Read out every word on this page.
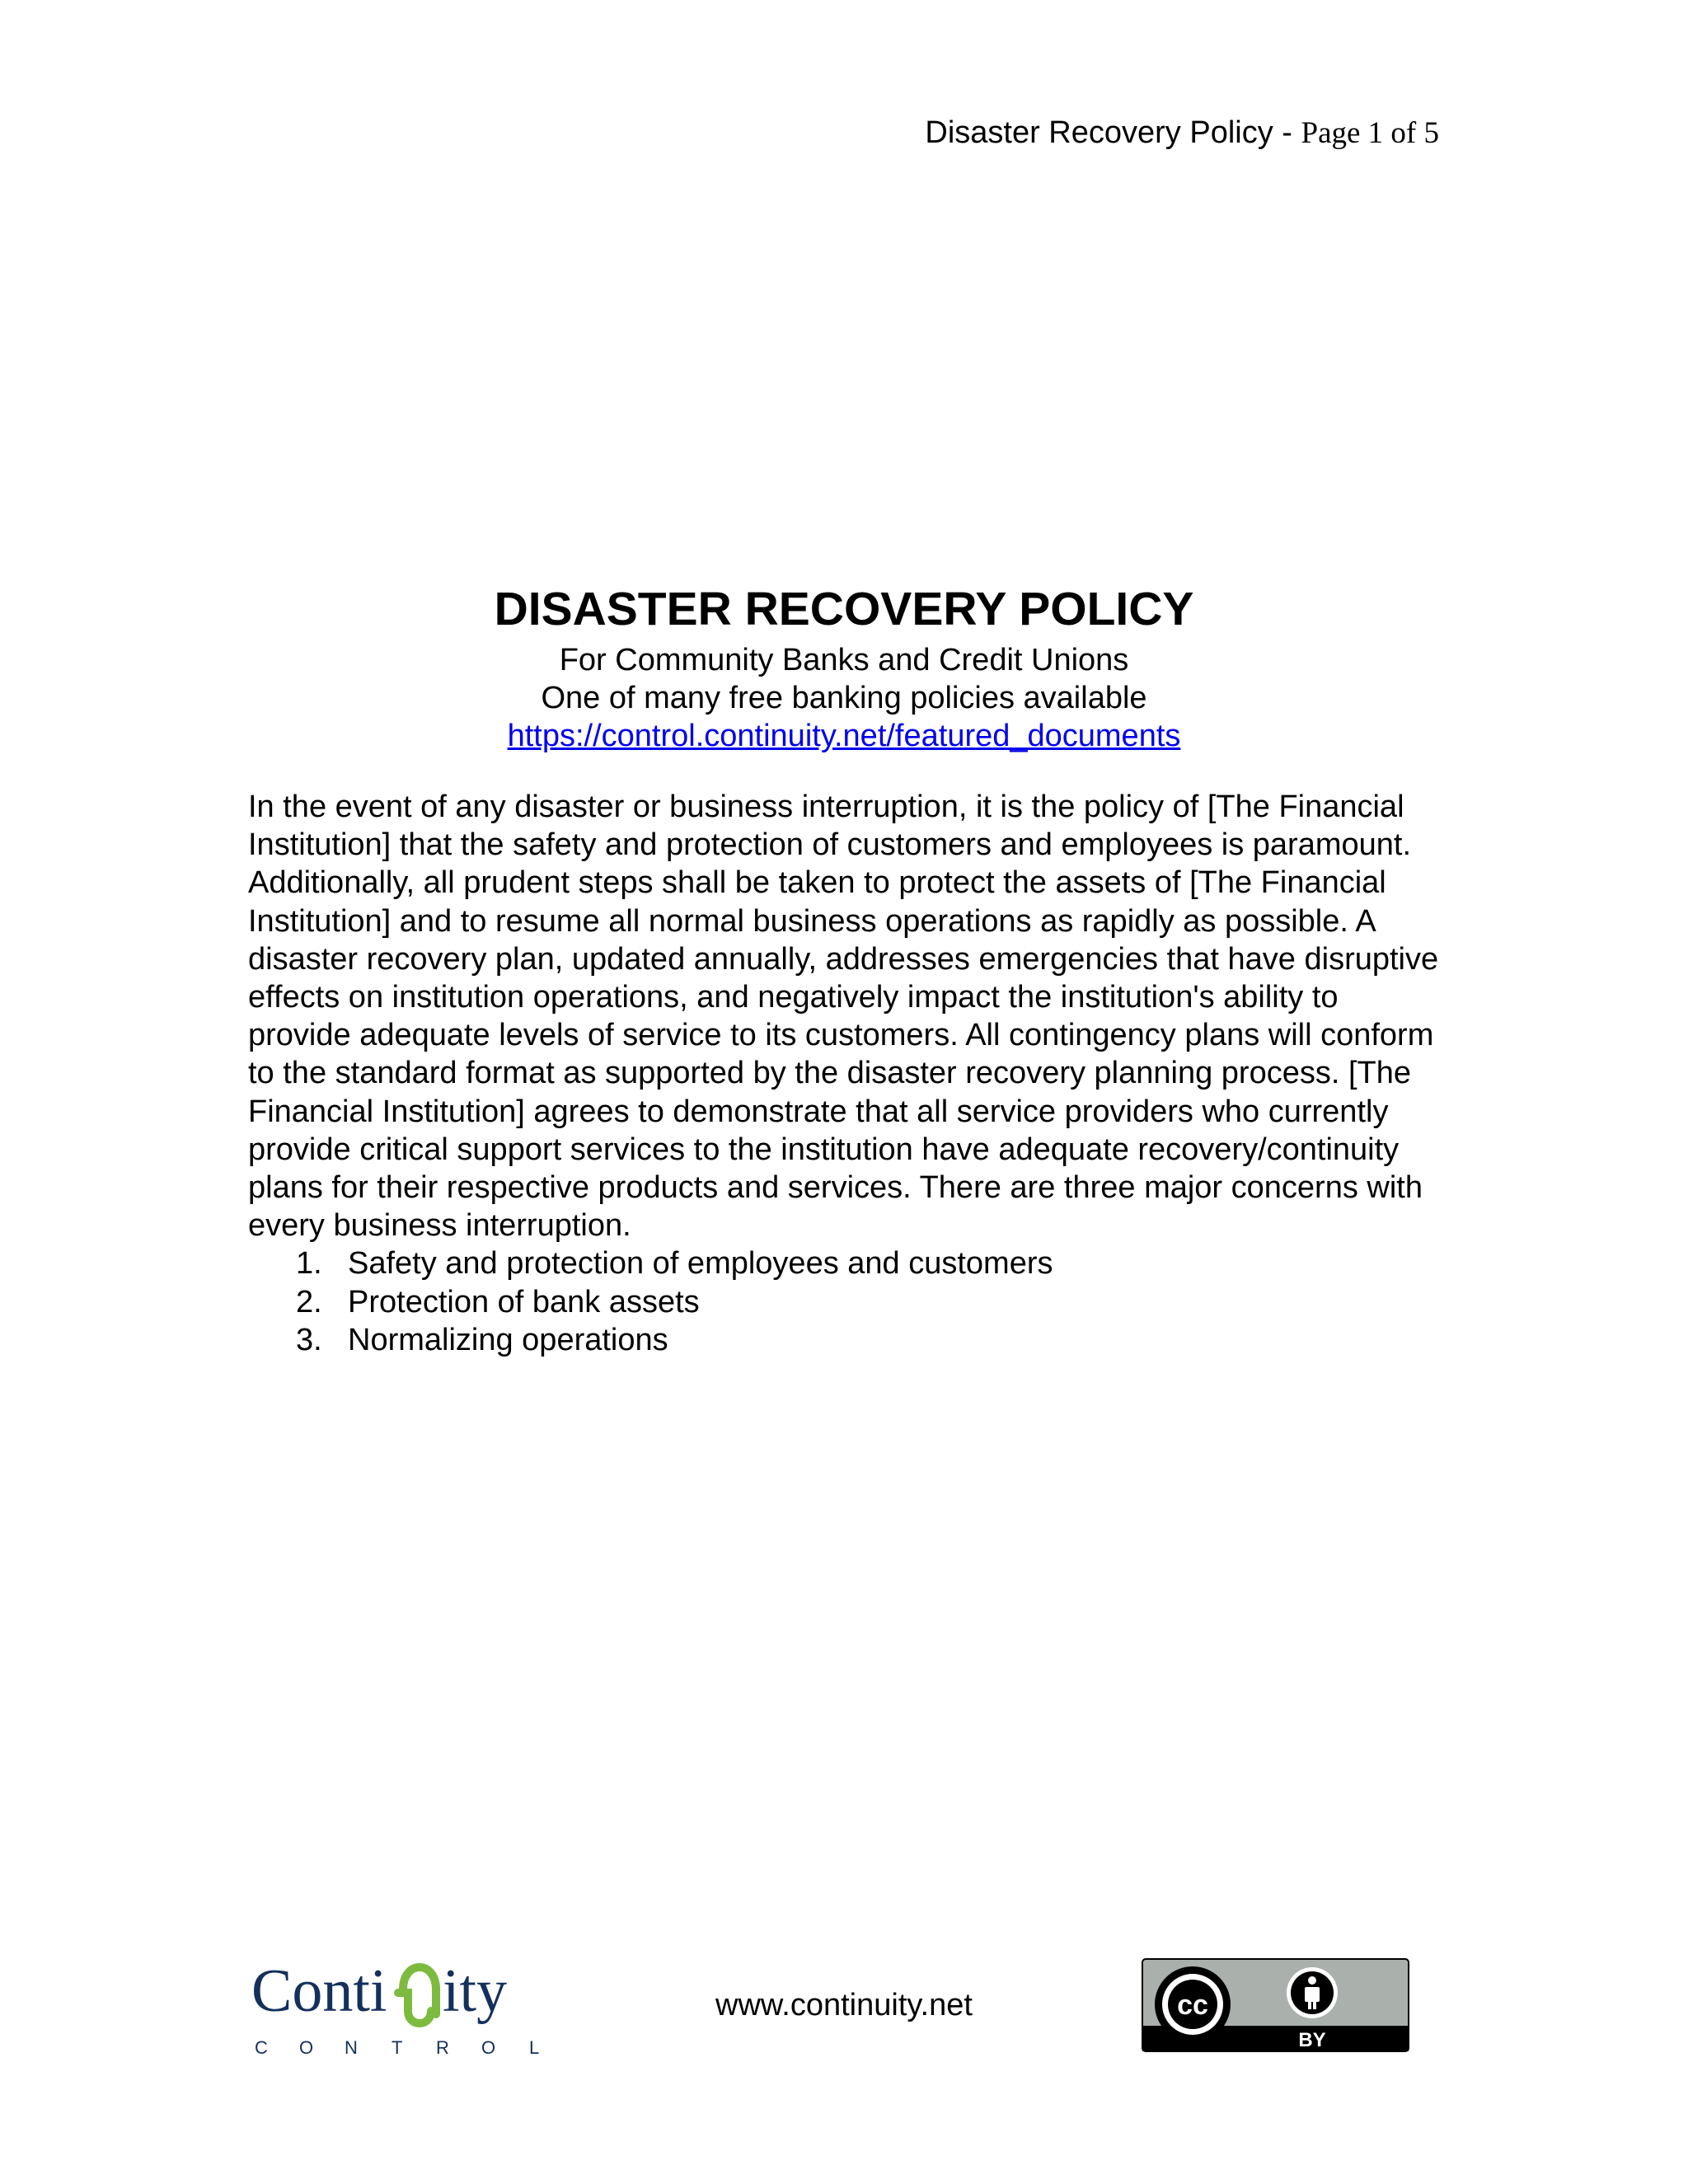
Disaster Recovery Policy - Page 1 of 5
DISASTER RECOVERY POLICY

For Community Banks and Credit Unions

One of many free banking policies available

https://control.continuity.net/featured_documents

In the event of any disaster or business interruption, it is the policy of [The Financial Institution] that the safety and protection of customers and employees is paramount. Additionally, all prudent steps shall be taken to protect the assets of [The Financial Institution] and to resume all normal business operations as rapidly as possible. A disaster recovery plan, updated annually, addresses emergencies that have disruptive effects on institution operations, and negatively impact the institution's ability to provide adequate levels of service to its customers. All contingency plans will conform to the standard format as supported by the disaster recovery planning process. [The Financial Institution] agrees to demonstrate that all service providers who currently provide critical support services to the institution have adequate recovery/continuity plans for their respective products and services. There are three major concerns with every business interruption.

1. Safety and protection of employees and customers
2. Protection of bank assets
3. Normalizing operations
Conti ity
C O N T R O L
www.continuity.net	cc
BY
